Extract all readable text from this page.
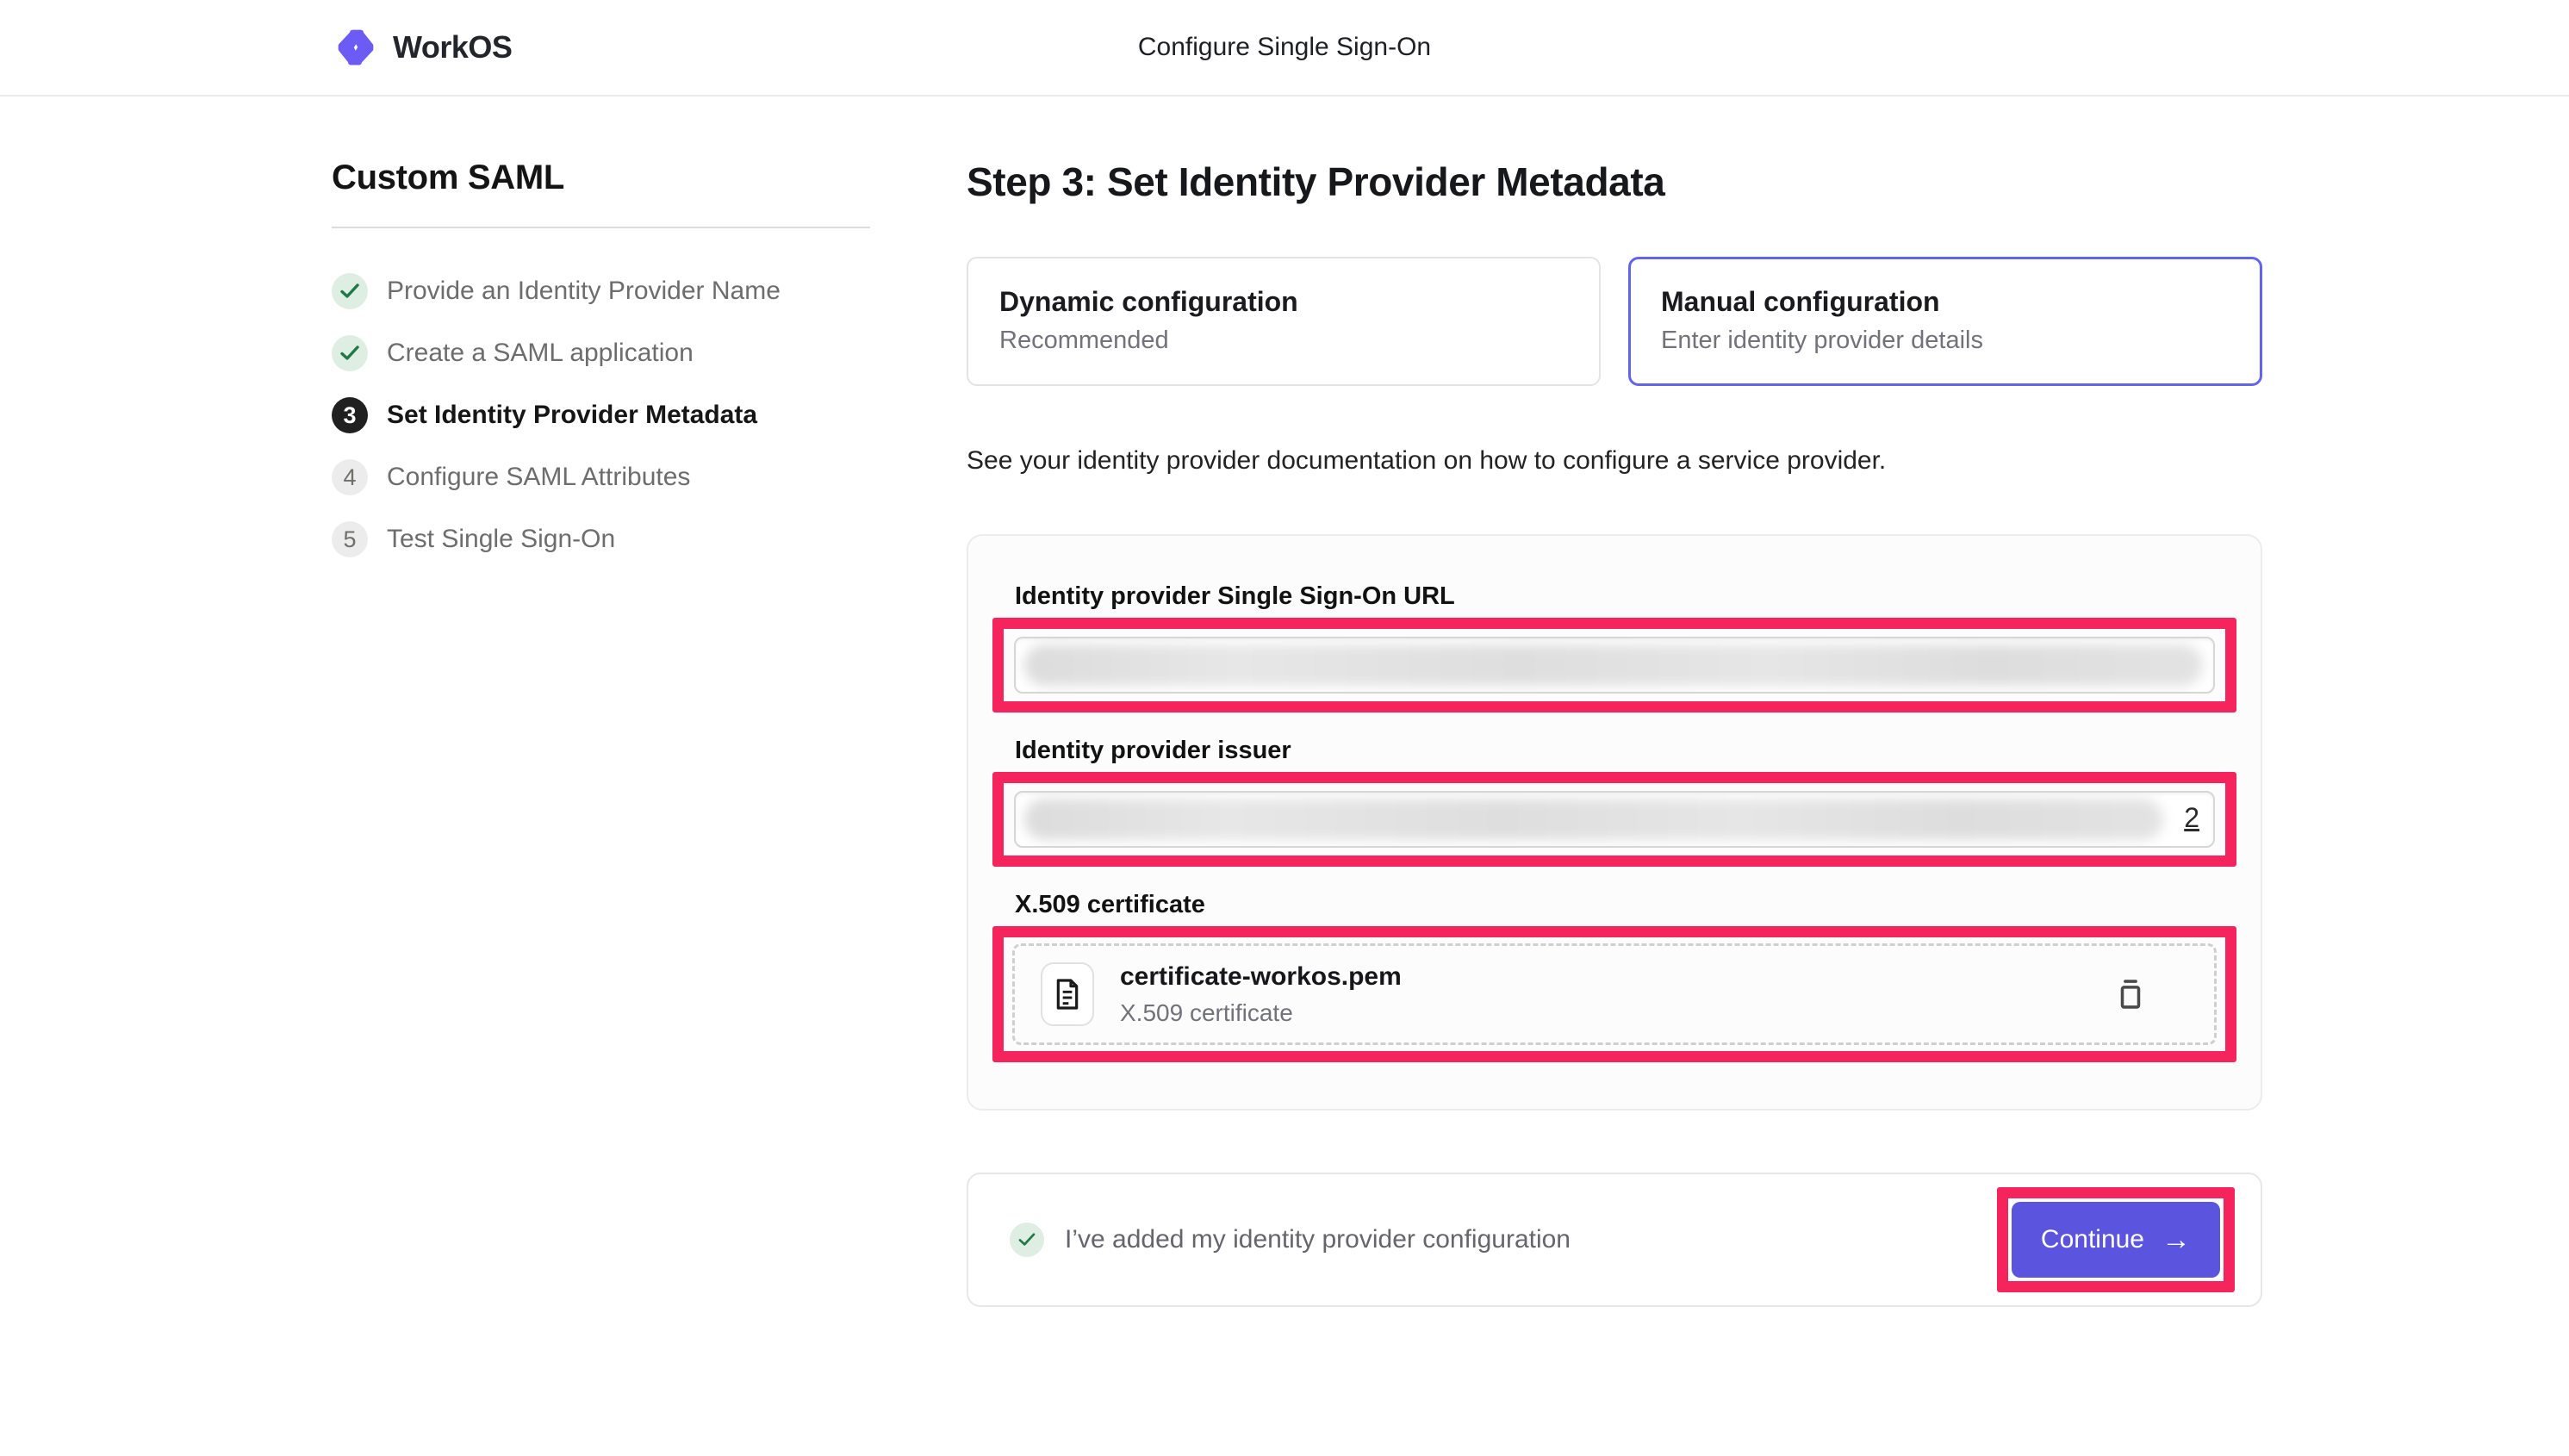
WorkOS	Configure Single Sign-On
Custom SAML
Provide an Identity Provider Name
Create a SAML application
3	Set Identity Provider Metadata
4	Configure SAML Attributes
5	Test Single Sign-On
Step 3: Set Identity Provider Metadata
Dynamic configuration
Recommended
Manual configuration
Enter identity provider details
See your identity provider documentation on how to configure a service provider.
Identity provider Single Sign-On URL
Identity provider issuer
2
X.509 certificate
certificate-workos.pem
X.509 certificate
I’ve added my identity provider configuration	Continue →
